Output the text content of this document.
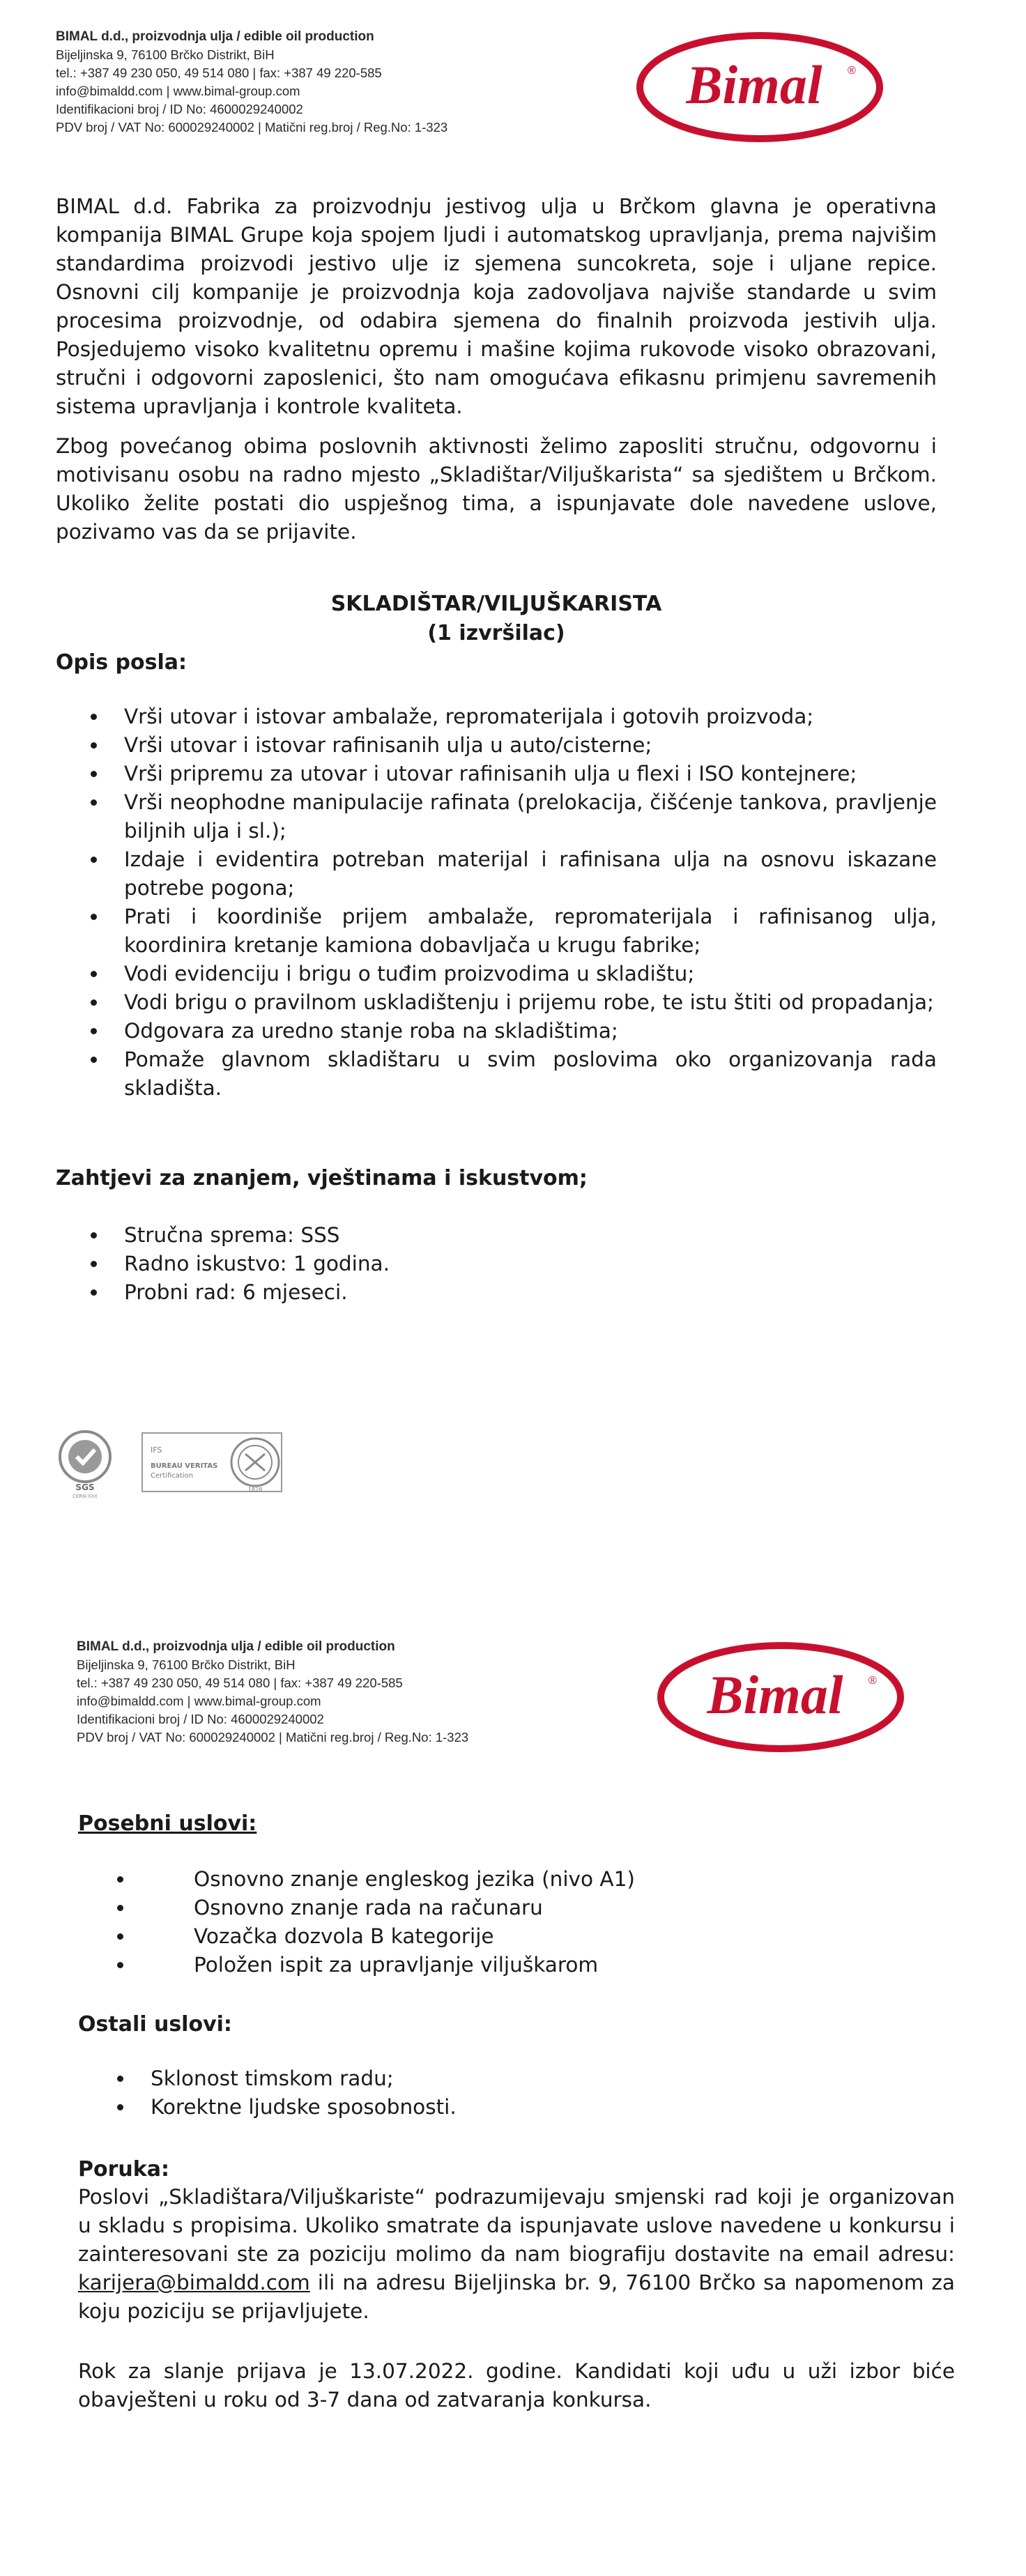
BIMAL d.d., proizvodnja ulja / edible oil production
Bijeljinska 9, 76100 Brčko Distrikt, BiH
tel.: +387 49 230 050, 49 514 080 | fax: +387 49 220-585
info@bimaldd.com | www.bimal-group.com
Identifikacioni broj / ID No: 4600029240002
PDV broj / VAT No: 600029240002 | Matični reg.broj / Reg.No: 1-323
Bimal ®

BIMAL d.d. Fabrika za proizvodnju jestivog ulja u Brčkom glavna je operativna kompanija BIMAL Grupe koja spojem ljudi i automatskog upravljanja, prema najvišim standardima proizvodi jestivo ulje iz sjemena suncokreta, soje i uljane repice. Osnovni cilj kompanije je proizvodnja koja zadovoljava najviše standarde u svim procesima proizvodnje, od odabira sjemena do finalnih proizvoda jestivih ulja. Posjedujemo visoko kvalitetnu opremu i mašine kojima rukovode visoko obrazovani, stručni i odgovorni zaposlenici, što nam omogućava efikasnu primjenu savremenih sistema upravljanja i kontrole kvaliteta.

Zbog povećanog obima poslovnih aktivnosti želimo zaposliti stručnu, odgovornu i motivisanu osobu na radno mjesto „Skladištar/Viljuškarista“ sa sjedištem u Brčkom. Ukoliko želite postati dio uspješnog tima, a ispunjavate dole navedene uslove, pozivamo vas da se prijavite.

SKLADIŠTAR/VILJUŠKARISTA
(1 izvršilac)
Opis posla:
Vrši utovar i istovar ambalaže, repromaterijala i gotovih proizvoda;
Vrši utovar i istovar rafinisanih ulja u auto/cisterne;
Vrši pripremu za utovar i utovar rafinisanih ulja u flexi i ISO kontejnere;
Vrši neophodne manipulacije rafinata (prelokacija, čišćenje tankova, pravljenje biljnih ulja i sl.);
Izdaje i evidentira potreban materijal i rafinisana ulja na osnovu iskazane potrebe pogona;
Prati i koordiniše prijem ambalaže, repromaterijala i rafinisanog ulja, koordinira kretanje kamiona dobavljača u krugu fabrike;
Vodi evidenciju i brigu o tuđim proizvodima u skladištu;
Vodi brigu o pravilnom uskladištenju i prijemu robe, te istu štiti od propadanja;
Odgovara za uredno stanje roba na skladištima;
Pomaže glavnom skladištaru u svim poslovima oko organizovanja rada skladišta.
Zahtjevi za znanjem, vještinama i iskustvom;
Stručna sprema: SSS
Radno iskustvo: 1 godina.
Probni rad: 6 mjeseci.
SGS
CERN-XXX
IFS
BUREAU VERITAS
Certification
1828
BIMAL d.d., proizvodnja ulja / edible oil production
Bijeljinska 9, 76100 Brčko Distrikt, BiH
tel.: +387 49 230 050, 49 514 080 | fax: +387 49 220-585
info@bimaldd.com | www.bimal-group.com
Identifikacioni broj / ID No: 4600029240002
PDV broj / VAT No: 600029240002 | Matični reg.broj / Reg.No: 1-323
Bimal ®
Posebni uslovi:
Osnovno znanje engleskog jezika (nivo A1)
Osnovno znanje rada na računaru
Vozačka dozvola B kategorije
Položen ispit za upravljanje viljuškarom
Ostali uslovi:
Sklonost timskom radu;
Korektne ljudske sposobnosti.
Poruka:
Poslovi „Skladištara/Viljuškariste“ podrazumijevaju smjenski rad koji je organizovan u skladu s propisima. Ukoliko smatrate da ispunjavate uslove navedene u konkursu i zainteresovani ste za poziciju molimo da nam biografiju dostavite na email adresu: karijera@bimaldd.com ili na adresu Bijeljinska br. 9, 76100 Brčko sa napomenom za koju poziciju se prijavljujete.
Rok za slanje prijava je 13.07.2022. godine. Kandidati koji uđu u uži izbor biće obavješteni u roku od 3-7 dana od zatvaranja konkursa.
